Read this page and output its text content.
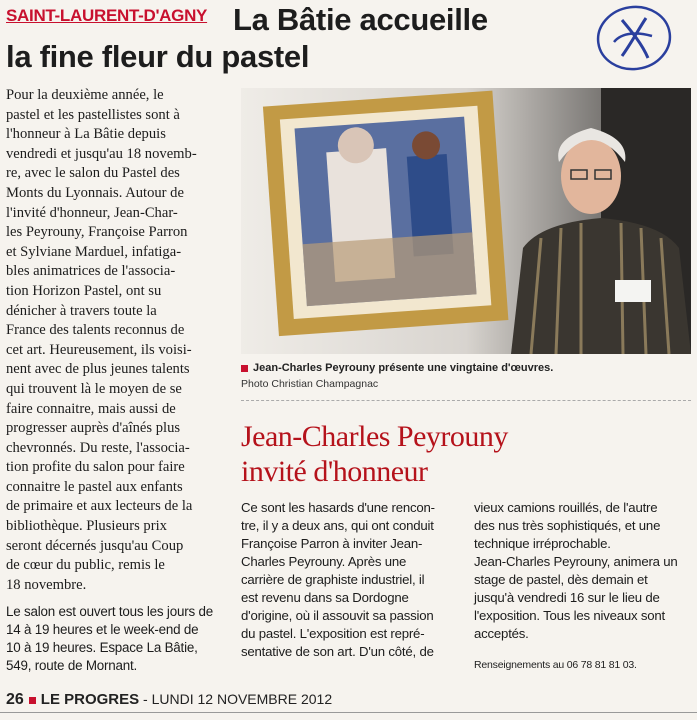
SAINT-LAURENT-D'AGNY La Bâtie accueille
la fine fleur du pastel
Pour la deuxième année, le
pastel et les pastellistes sont à
l'honneur à La Bâtie depuis
vendredi et jusqu'au 18 novemb-
re, avec le salon du Pastel des
Monts du Lyonnais. Autour de
l'invité d'honneur, Jean-Char-
les Peyrouny, Françoise Parron
et Sylviane Marduel, infatiga-
bles animatrices de l'associa-
tion Horizon Pastel, ont su
dénicher à travers toute la
France des talents reconnus de
cet art. Heureusement, ils voisi-
nent avec de plus jeunes talents
qui trouvent là le moyen de se
faire connaitre, mais aussi de
progresser auprès d'aînés plus
chevronnés. Du reste, l'associa-
tion profite du salon pour faire
connaitre le pastel aux enfants
de primaire et aux lecteurs de la
bibliothèque. Plusieurs prix
seront décernés jusqu'au Coup
de cœur du public, remis le
18 novembre.
Le salon est ouvert tous les jours de
14 à 19 heures et le week-end de
10 à 19 heures. Espace La Bâtie,
549, route de Mornant.
Jean-Charles Peyrouny présente une vingtaine d'œuvres.
Photo Christian Champagnac
Jean-Charles Peyrouny
invité d'honneur
Ce sont les hasards d'une rencon-
tre, il y a deux ans, qui ont conduit
Françoise Parron à inviter Jean-
Charles Peyrouny. Après une
carrière de graphiste industriel, il
est revenu dans sa Dordogne
d'origine, où il assouvit sa passion
du pastel. L'exposition est repré-
sentative de son art. D'un côté, de
vieux camions rouillés, de l'autre
des nus très sophistiqués, et une
technique irréprochable.
Jean-Charles Peyrouny, animera un
stage de pastel, dès demain et
jusqu'à vendredi 16 sur le lieu de
l'exposition. Tous les niveaux sont
acceptés.
Renseignements au 06 78 81 81 03.
26 LE PROGRES - LUNDI 12 NOVEMBRE 2012
